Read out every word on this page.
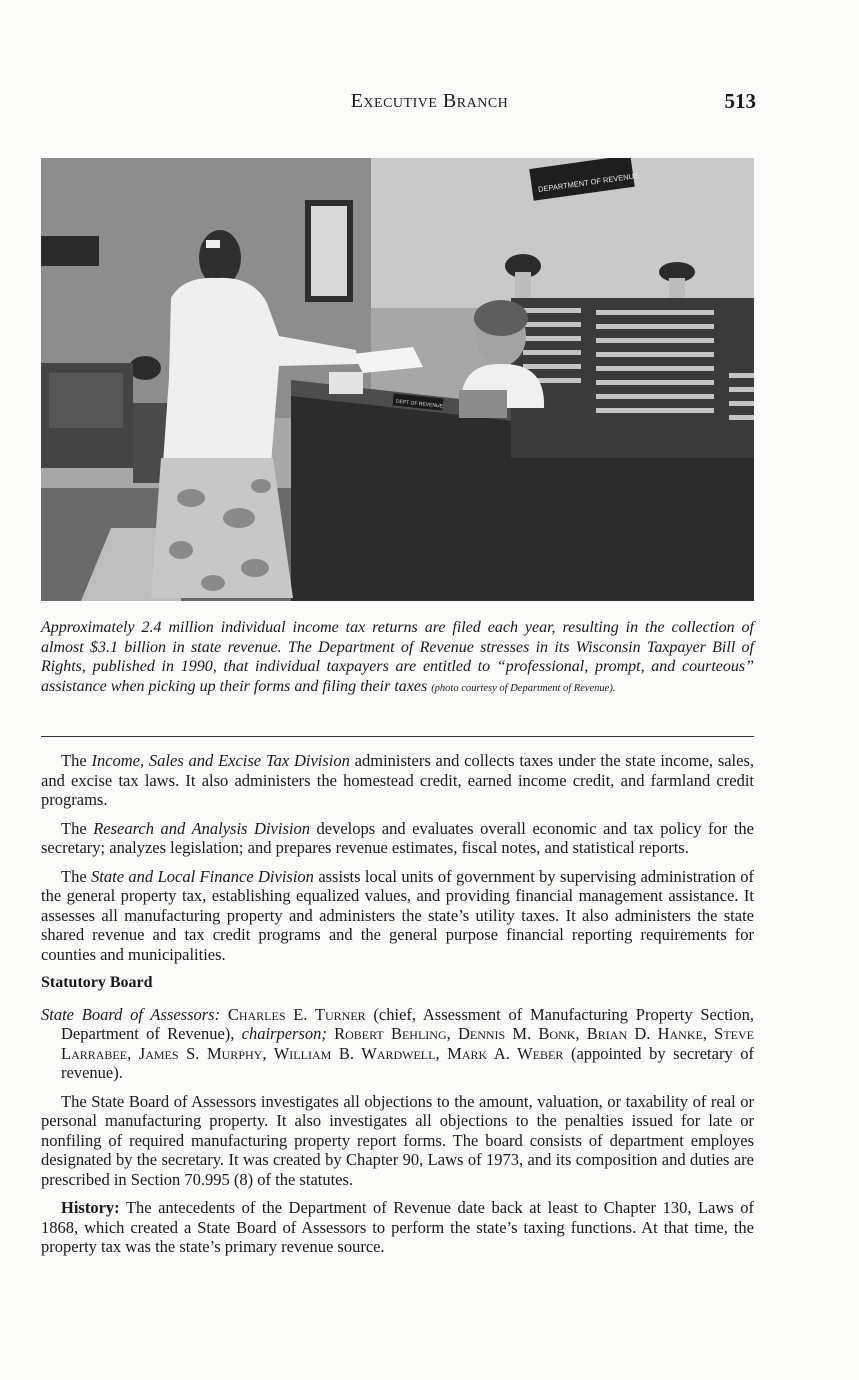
Executive Branch	513
DEPARTMENT OF REVENUE
DEPT OF REVENUE
Approximately 2.4 million individual income tax returns are filed each year, resulting in the collection of almost $3.1 billion in state revenue. The Department of Revenue stresses in its Wisconsin Taxpayer Bill of Rights, published in 1990, that individual taxpayers are entitled to “professional, prompt, and courteous” assistance when picking up their forms and filing their taxes (photo courtesy of Department of Revenue).

The Income, Sales and Excise Tax Division administers and collects taxes under the state income, sales, and excise tax laws. It also administers the homestead credit, earned income credit, and farmland credit programs.

The Research and Analysis Division develops and evaluates overall economic and tax policy for the secretary; analyzes legislation; and prepares revenue estimates, fiscal notes, and statistical reports.

The State and Local Finance Division assists local units of government by supervising administration of the general property tax, establishing equalized values, and providing financial management assistance. It assesses all manufacturing property and administers the state’s utility taxes. It also administers the state shared revenue and tax credit programs and the general purpose financial reporting requirements for counties and municipalities.

Statutory Board

State Board of Assessors: Charles E. Turner (chief, Assessment of Manufacturing Property Section, Department of Revenue), chairperson; Robert Behling, Dennis M. Bonk, Brian D. Hanke, Steve Larrabee, James S. Murphy, William B. Wardwell, Mark A. Weber (appointed by secretary of revenue).

The State Board of Assessors investigates all objections to the amount, valuation, or taxability of real or personal manufacturing property. It also investigates all objections to the penalties issued for late or nonfiling of required manufacturing property report forms. The board consists of department employes designated by the secretary. It was created by Chapter 90, Laws of 1973, and its composition and duties are prescribed in Section 70.995 (8) of the statutes.

History: The antecedents of the Department of Revenue date back at least to Chapter 130, Laws of 1868, which created a State Board of Assessors to perform the state’s taxing functions. At that time, the property tax was the state’s primary revenue source.
